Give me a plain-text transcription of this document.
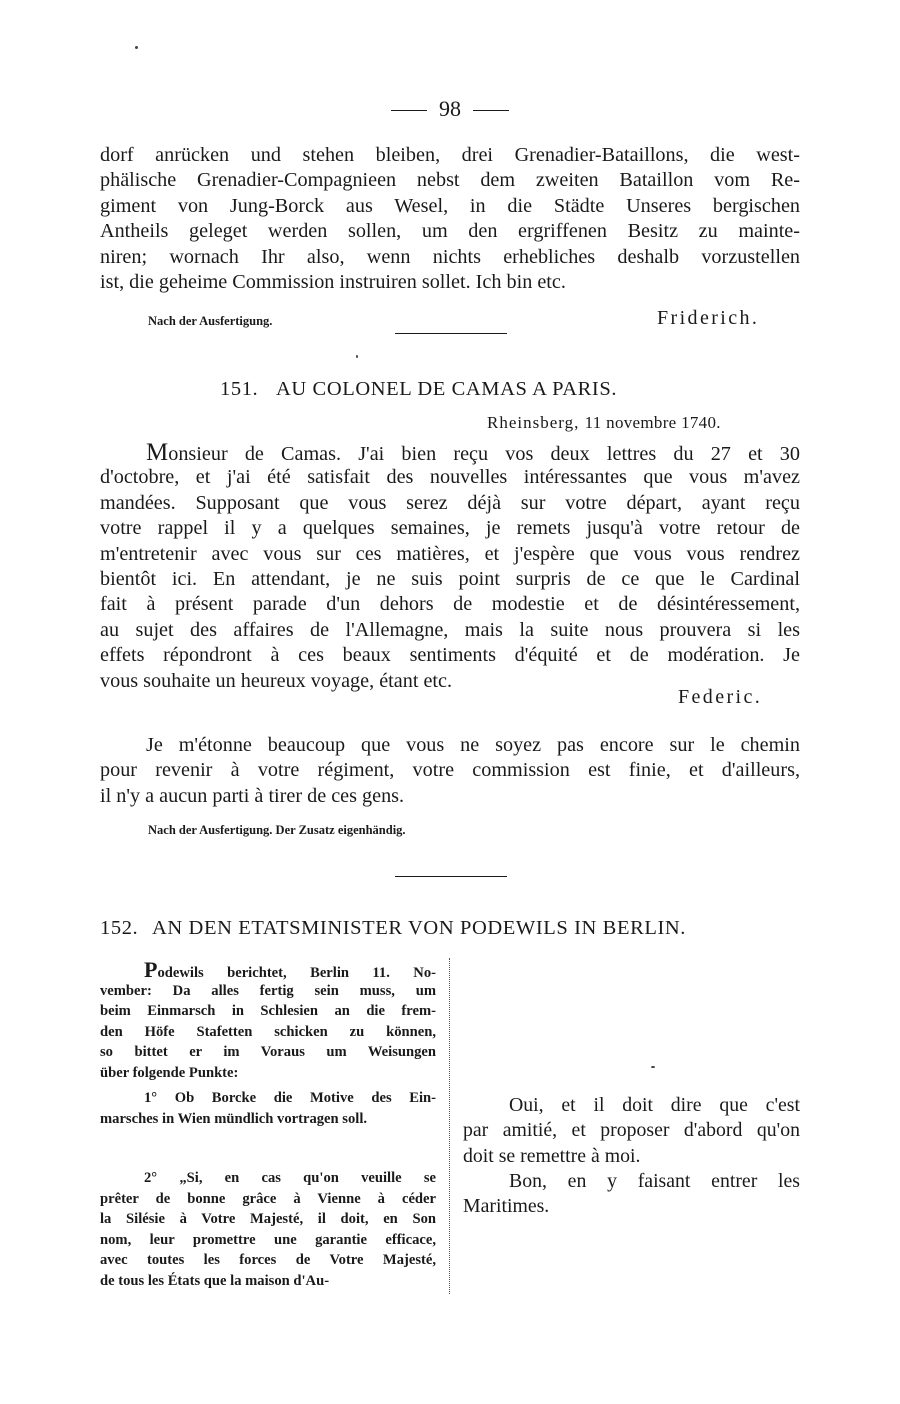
98
dorf anrücken und stehen bleiben, drei Grenadier-Bataillons, die west-
phälische Grenadier-Compagnieen nebst dem zweiten Bataillon vom Re-
giment von Jung-Borck aus Wesel, in die Städte Unseres bergischen
Antheils geleget werden sollen, um den ergriffenen Besitz zu mainte-
niren; wornach Ihr also, wenn nichts erhebliches deshalb vorzustellen
ist, die geheime Commission instruiren sollet. Ich bin etc.
Nach der Ausfertigung.	Friderich.
151. AU COLONEL DE CAMAS A PARIS.
Rheinsberg, 11 novembre 1740.
Monsieur de Camas. J'ai bien reçu vos deux lettres du 27 et 30
d'octobre, et j'ai été satisfait des nouvelles intéressantes que vous m'avez
mandées. Supposant que vous serez déjà sur votre départ, ayant reçu
votre rappel il y a quelques semaines, je remets jusqu'à votre retour de
m'entretenir avec vous sur ces matières, et j'espère que vous vous rendrez
bientôt ici. En attendant, je ne suis point surpris de ce que le Cardinal
fait à présent parade d'un dehors de modestie et de désintéressement,
au sujet des affaires de l'Allemagne, mais la suite nous prouvera si les
effets répondront à ces beaux sentiments d'équité et de modération. Je
vous souhaite un heureux voyage, étant etc.
Federic.
Je m'étonne beaucoup que vous ne soyez pas encore sur le chemin
pour revenir à votre régiment, votre commission est finie, et d'ailleurs,
il n'y a aucun parti à tirer de ces gens.
Nach der Ausfertigung. Der Zusatz eigenhändig.
152. AN DEN ETATSMINISTER VON PODEWILS IN BERLIN.
Podewils berichtet, Berlin 11. No-
vember: Da alles fertig sein muss, um
beim Einmarsch in Schlesien an die frem-
den Höfe Stafetten schicken zu können,
so bittet er im Voraus um Weisungen
über folgende Punkte:
1° Ob Borcke die Motive des Ein-
marsches in Wien mündlich vortragen soll.
2° „Si, en cas qu'on veuille se
prêter de bonne grâce à Vienne à céder
la Silésie à Votre Majesté, il doit, en Son
nom, leur promettre une garantie efficace,
avec toutes les forces de Votre Majesté,
de tous les États que la maison d'Au-
Oui, et il doit dire que c'est
par amitié, et proposer d'abord qu'on
doit se remettre à moi.
Bon, en y faisant entrer les
Maritimes.
